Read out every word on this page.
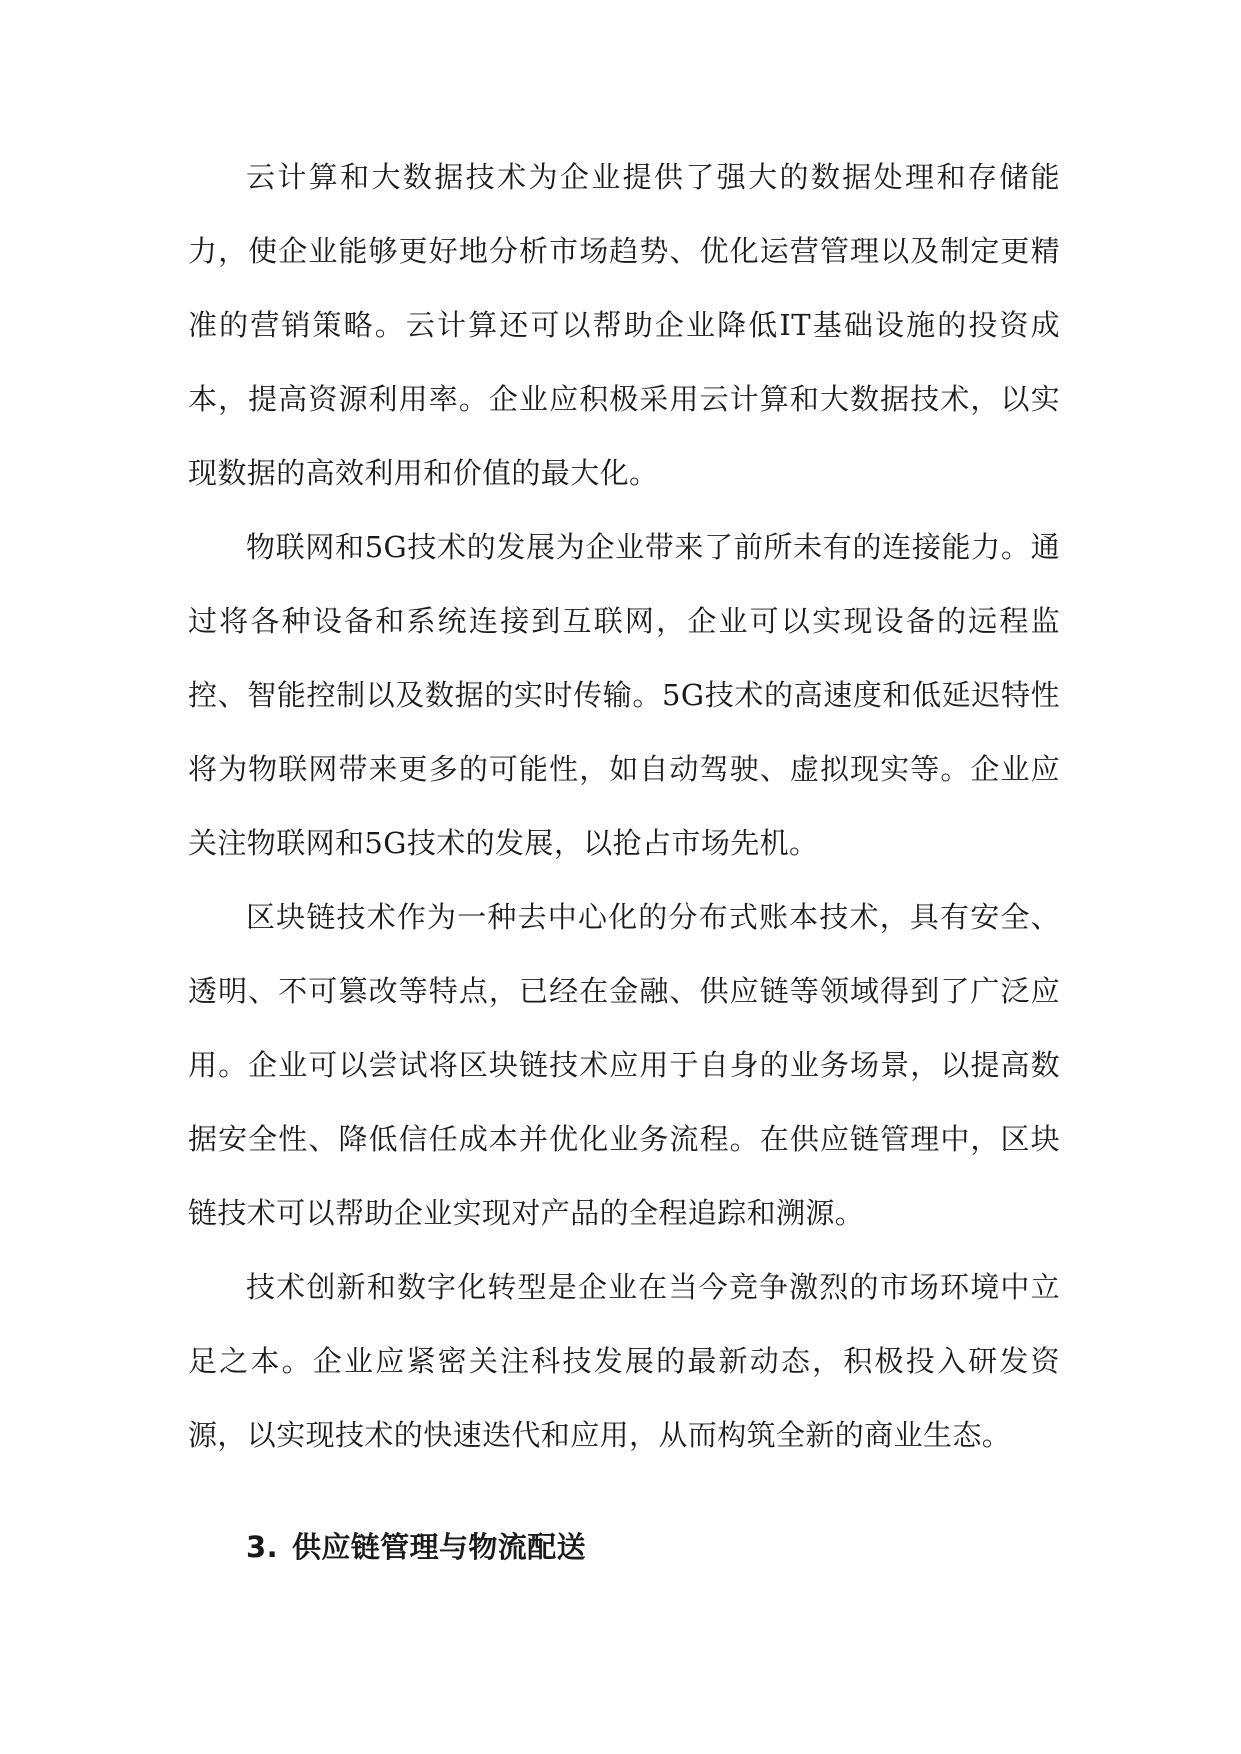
云计算和大数据技术为企业提供了强大的数据处理和存储能力，使企业能够更好地分析市场趋势、优化运营管理以及制定更精准的营销策略。云计算还可以帮助企业降低IT基础设施的投资成本，提高资源利用率。企业应积极采用云计算和大数据技术，以实现数据的高效利用和价值的最大化。

物联网和5G技术的发展为企业带来了前所未有的连接能力。通过将各种设备和系统连接到互联网，企业可以实现设备的远程监控、智能控制以及数据的实时传输。5G技术的高速度和低延迟特性将为物联网带来更多的可能性，如自动驾驶、虚拟现实等。企业应关注物联网和5G技术的发展，以抢占市场先机。

区块链技术作为一种去中心化的分布式账本技术，具有安全、透明、不可篡改等特点，已经在金融、供应链等领域得到了广泛应用。企业可以尝试将区块链技术应用于自身的业务场景，以提高数据安全性、降低信任成本并优化业务流程。在供应链管理中，区块链技术可以帮助企业实现对产品的全程追踪和溯源。

技术创新和数字化转型是企业在当今竞争激烈的市场环境中立足之本。企业应紧密关注科技发展的最新动态，积极投入研发资源，以实现技术的快速迭代和应用，从而构筑全新的商业生态。

3. 供应链管理与物流配送
